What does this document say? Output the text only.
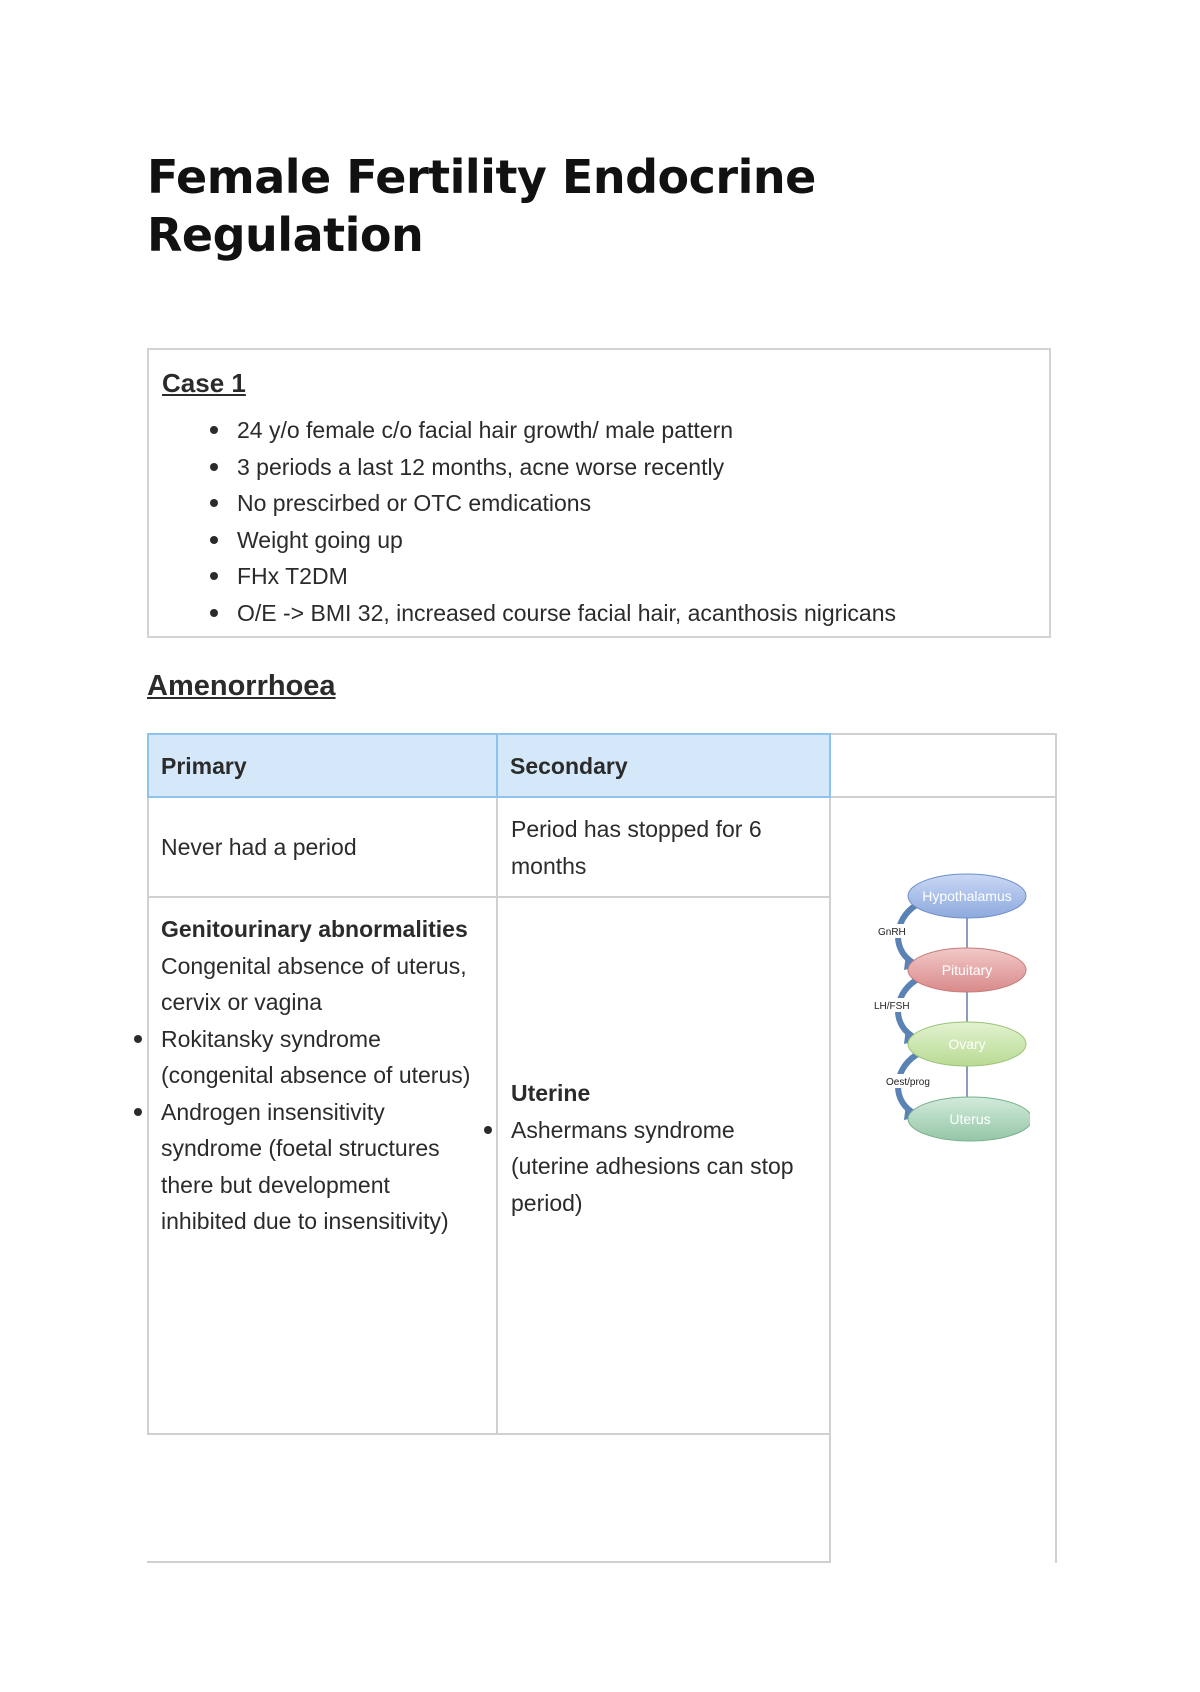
Female Fertility Endocrine Regulation
Case 1
24 y/o female c/o facial hair growth/ male pattern
3 periods a last 12 months, acne worse recently
No prescirbed or OTC emdications
Weight going up
FHx T2DM
O/E -> BMI 32, increased course facial hair, acanthosis nigricans
Amenorrhoea
Primary	Secondary
Never had a period
Period has stopped for 6 months
Genitourinary abnormalities
Congenital absence of uterus, cervix or vagina
Rokitansky syndrome (congenital absence of uterus)
Androgen insensitivity syndrome (foetal structures there but development inhibited due to insensitivity)
Uterine
Ashermans syndrome (uterine adhesions can stop period)
GnRH
LH/FSH
Oest/prog
Hypothalamus
Pituitary
Ovary
Uterus
